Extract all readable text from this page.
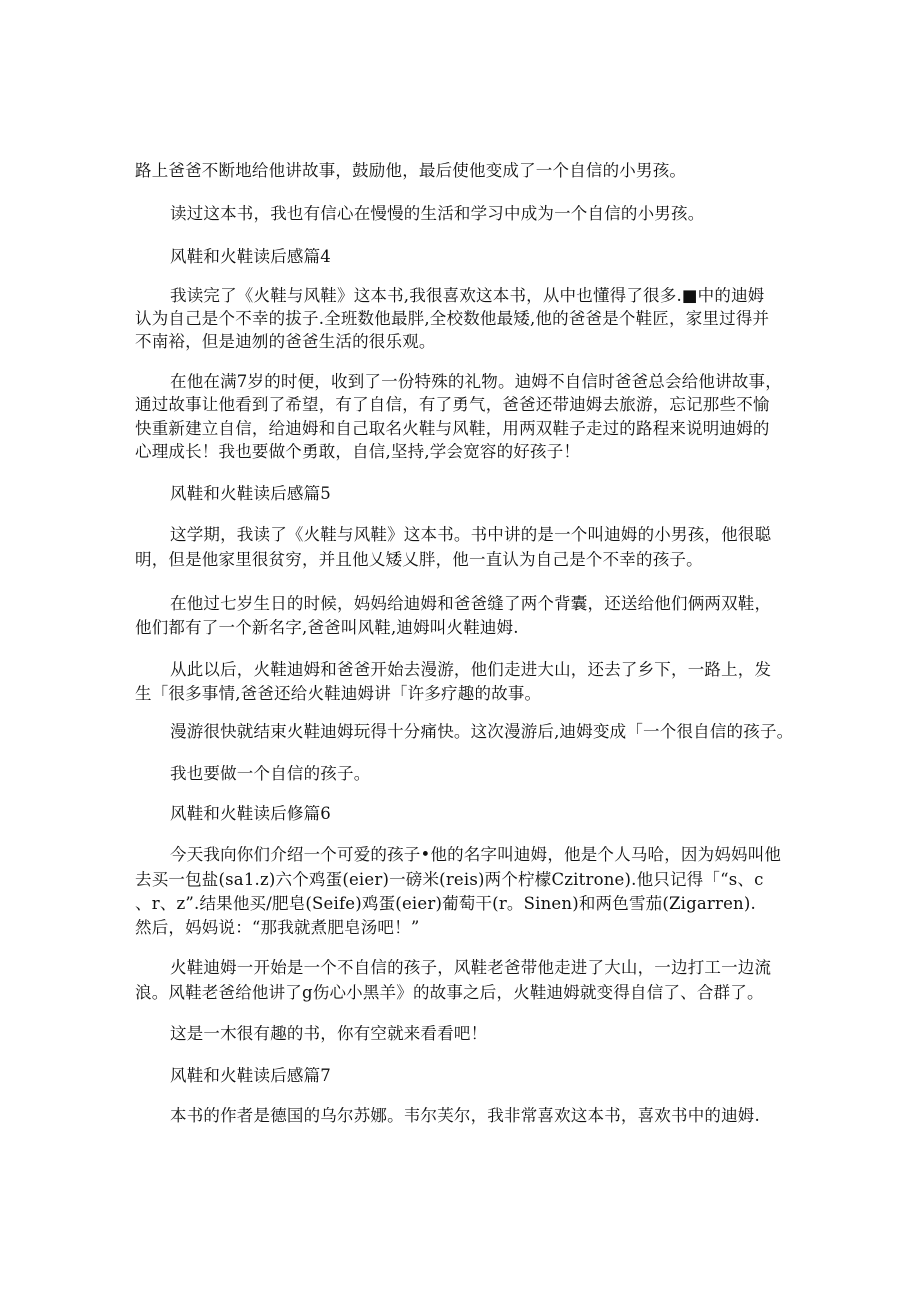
路上爸爸不断地给他讲故事，鼓励他，最后使他变成了一个自信的小男孩。
读过这本书，我也有信心在慢慢的生活和学习中成为一个自信的小男孩。
风鞋和火鞋读后感篇4
我读完了《火鞋与风鞋》这本书,我很喜欢这本书，从中也懂得了很多.■中的迪姆
认为自己是个不幸的拔子.全班数他最胖,全校数他最矮,他的爸爸是个鞋匠，家里过得并
不南裕，但是迪刎的爸爸生活的很乐观。
在他在满7岁的时便，收到了一份特殊的礼物。迪姆不自信时爸爸总会给他讲故事，
通过故事让他看到了希望，有了自信，有了勇气，爸爸还带迪姆去旅游，忘记那些不愉
快重新建立自信，给迪姆和自己取名火鞋与风鞋，用两双鞋子走过的路程来说明迪姆的
心理成长！我也要做个勇敢，自信,坚持,学会宽容的好孩子！
风鞋和火鞋读后感篇5
这学期，我读了《火鞋与风鞋》这本书。书中讲的是一个叫迪姆的小男孩，他很聪
明，但是他家里很贫穷，并且他乂矮乂胖，他一直认为自己是个不幸的孩子。
在他过七岁生日的时候，妈妈给迪姆和爸爸缝了两个背囊，还送给他们俩两双鞋，
他们都有了一个新名字,爸爸叫风鞋,迪姆叫火鞋迪姆.
从此以后，火鞋迪姆和爸爸开始去漫游，他们走进大山，还去了乡下，一路上，发
生「很多事情,爸爸还给火鞋迪姆讲「许多疗趣的故事。
漫游很快就结束火鞋迪姆玩得十分痛快。这次漫游后,迪姆变成「一个很自信的孩子。
我也要做一个自信的孩子。
风鞋和火鞋读后修篇6
今天我向你们介绍一个可爱的孩子•他的名字叫迪姆，他是个人马哈，因为妈妈叫他
去买一包盐(sa1.z)六个鸡蛋(eier)一磅米(reis)两个柠檬Czitrone).他只记得「“s、c
、r、z”.结果他买/肥皂(Seife)鸡蛋(eier)葡萄干(r。Sinen)和两色雪茄(Zigarren).
然后，妈妈说：“那我就煮肥皂汤吧！”
火鞋迪姆一开始是一个不自信的孩子，风鞋老爸带他走进了大山，一边打工一边流
浪。风鞋老爸给他讲了g伤心小黑羊》的故事之后，火鞋迪姆就变得自信了、合群了。
这是一木很有趣的书，你有空就来看看吧！
风鞋和火鞋读后感篇7
本书的作者是德国的乌尔苏娜。韦尔芙尔，我非常喜欢这本书，喜欢书中的迪姆.
